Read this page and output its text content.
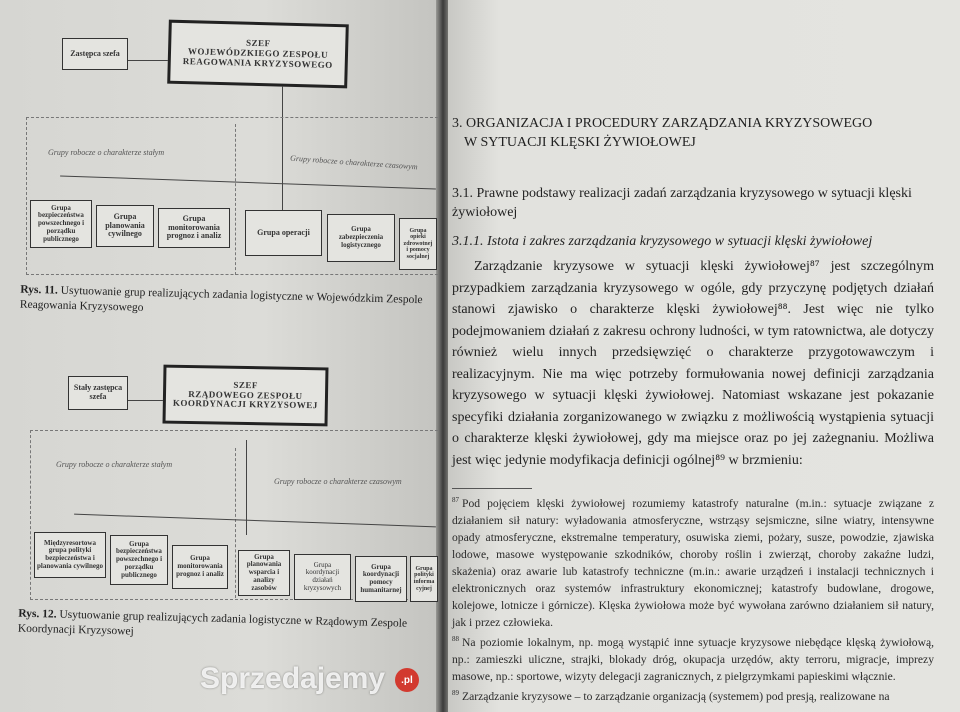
Zastępca szefa
SZEF
WOJEWÓDZKIEGO ZESPOŁU
REAGOWANIA KRYZYSOWEGO
Grupy robocze o charakterze stałym
Grupy robocze o charakterze czasowym
Grupa bezpieczeństwa powszechnego i porządku publicznego
Grupa planowania cywilnego
Grupa monitorowania prognoz i analiz	Grupa operacji	Grupa zabezpieczenia logistycznego
Grupa opieki zdrowotnej i pomocy socjalnej
Rys. 11. Usytuowanie grup realizujących zadania logistyczne w Wojewódzkim Zespole Reagowania Kryzysowego
Stały zastępca szefa
SZEF
RZĄDOWEGO ZESPOŁU
KOORDYNACJI KRYZYSOWEJ
Grupy robocze o charakterze stałym
Grupy robocze o charakterze czasowym
Międzyresortowa grupa polityki bezpieczeństwa i planowania cywilnego
Grupa bezpieczeństwa powszechnego i porządku publicznego
Grupa monitorowania prognoz i analiz
Grupa planowania wsparcia i analizy zasobów
Grupa koordynacji działań kryzysowych
Grupa koordynacji pomocy humanitarnej
Grupa polityki informacyjnej
Rys. 12. Usytuowanie grup realizujących zadania logistyczne w Rządowym Zespole Koordynacji Kryzysowej
3. ORGANIZACJA I PROCEDURY ZARZĄDZANIA KRYZYSOWEGO
W SYTUACJI KLĘSKI ŻYWIOŁOWEJ
3.1. Prawne podstawy realizacji zadań zarządzania kryzysowego w sytuacji klęski żywiołowej
3.1.1. Istota i zakres zarządzania kryzysowego w sytuacji klęski żywiołowej

Zarządzanie kryzysowe w sytuacji klęski żywiołowej⁸⁷ jest szczególnym przypadkiem zarządzania kryzysowego w ogóle, gdy przyczynę podjętych działań stanowi zjawisko o charakterze klęski żywiołowej⁸⁸. Jest więc nie tylko podejmowaniem działań z zakresu ochrony ludności, w tym ratownictwa, ale dotyczy również wielu innych przedsięwzięć o charakterze przygotowawczym i realizacyjnym. Nie ma więc potrzeby formułowania nowej definicji zarządzania kryzysowego w sytuacji klęski żywiołowej. Natomiast wskazane jest pokazanie specyfiki działania zorganizowanego w związku z możliwością wystąpienia sytuacji o charakterze klęski żywiołowej, gdy ma miejsce oraz po jej zażegnaniu. Możliwa jest więc jedynie modyfikacja definicji ogólnej⁸⁹ w brzmieniu:

$^{87}$ Pod pojęciem klęski żywiołowej rozumiemy katastrofy naturalne (m.in.: sytuacje związane z działaniem sił natury: wyładowania atmosferyczne, wstrząsy sejsmiczne, silne wiatry, intensywne opady atmosferyczne, ekstremalne temperatury, osuwiska ziemi, pożary, susze, powodzie, zjawiska lodowe, masowe występowanie szkodników, choroby roślin i zwierząt, choroby zakaźne ludzi, skażenia) oraz awarie lub katastrofy techniczne (m.in.: awarie urządzeń i instalacji technicznych i elektronicznych oraz systemów infrastruktury ekonomicznej; katastrofy budowlane, drogowe, kolejowe, lotnicze i górnicze). Klęska żywiołowa może być wywołana zarówno działaniem sił natury, jak i przez człowieka.
$^{88}$ Na poziomie lokalnym, np. mogą wystąpić inne sytuacje kryzysowe niebędące klęską żywiołową, np.: zamieszki uliczne, strajki, blokady dróg, okupacja urzędów, akty terroru, migracje, imprezy masowe, np.: sportowe, wizyty delegacji zagranicznych, z pielgrzymkami papieskimi włącznie.
$^{89}$ Zarządzanie kryzysowe – to zarządzanie organizacją (systemem) pod presją, realizowane na
Sprzedajemy	.pl
